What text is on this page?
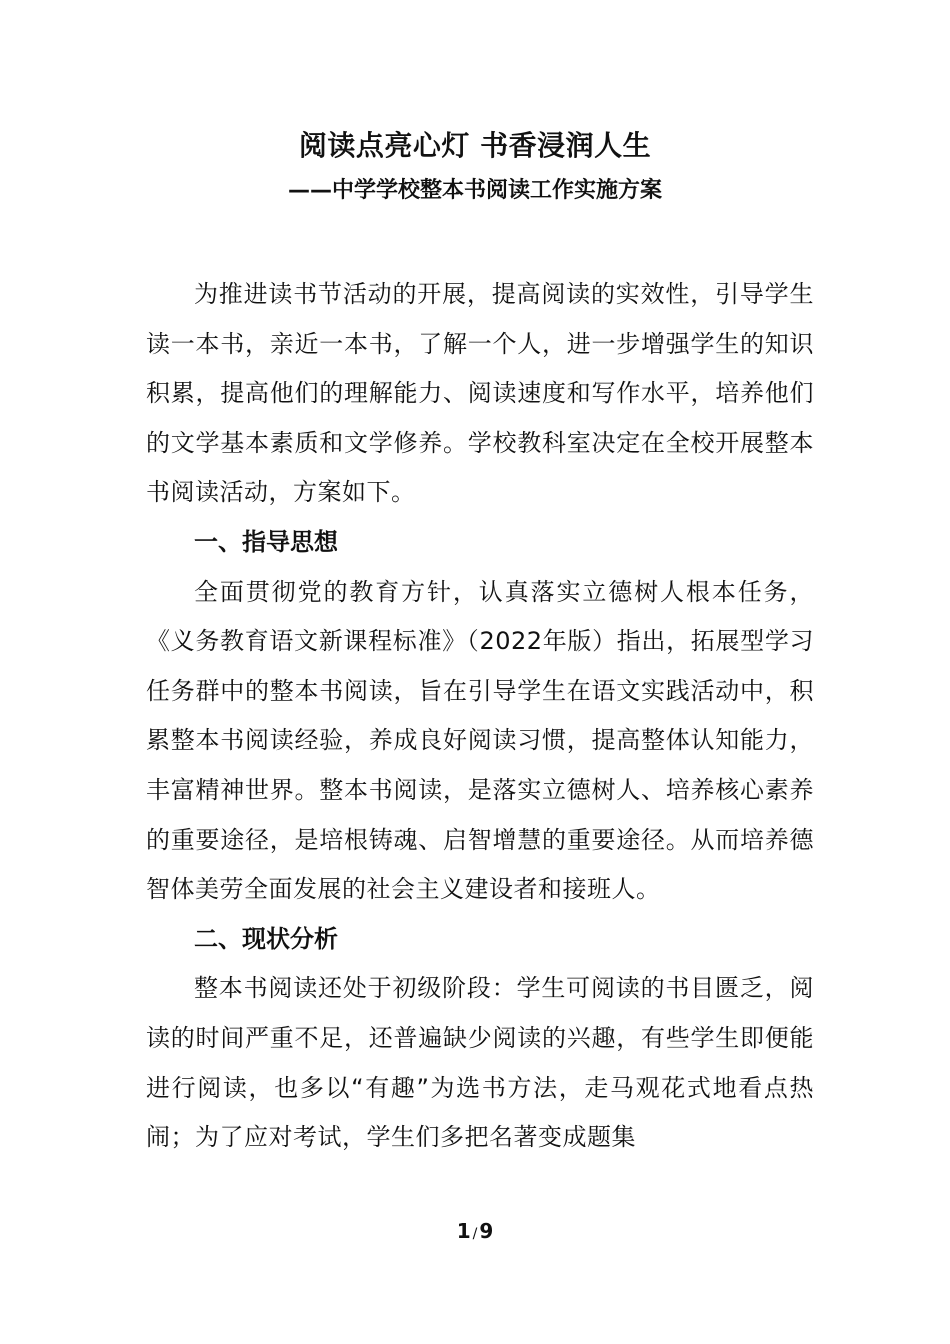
阅读点亮心灯 书香浸润人生
——中学学校整本书阅读工作实施方案

为推进读书节活动的开展，提高阅读的实效性，引导学生读一本书，亲近一本书，了解一个人，进一步增强学生的知识积累，提高他们的理解能力、阅读速度和写作水平，培养他们的文学基本素质和文学修养。学校教科室决定在全校开展整本书阅读活动，方案如下。

一、指导思想

全面贯彻党的教育方针，认真落实立德树人根本任务，《义务教育语文新课程标准》（2022年版）指出，拓展型学习任务群中的整本书阅读，旨在引导学生在语文实践活动中，积累整本书阅读经验，养成良好阅读习惯，提高整体认知能力，丰富精神世界。整本书阅读，是落实立德树人、培养核心素养的重要途径，是培根铸魂、启智增慧的重要途径。从而培养德智体美劳全面发展的社会主义建设者和接班人。

二、现状分析

整本书阅读还处于初级阶段：学生可阅读的书目匮乏，阅读的时间严重不足，还普遍缺少阅读的兴趣，有些学生即便能进行阅读，也多以“有趣”为选书方法，走马观花式地看点热闹；为了应对考试，学生们多把名著变成题集

1 / 9
